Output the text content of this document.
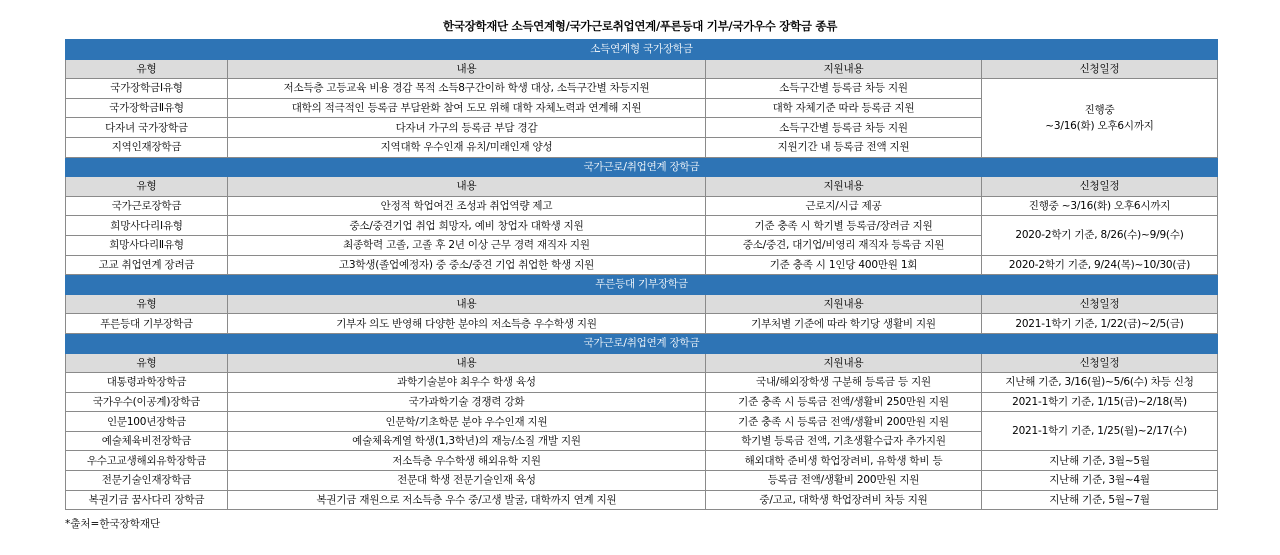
한국장학재단 소득연계형/국가근로취업연계/푸른등대 기부/국가우수 장학금 종류
소득연계형 국가장학금			
유형	내용	지원내용	신청일정
국가장학금Ⅰ유형	저소득층 고등교육 비용 경감 목적 소득8구간이하 학생 대상, 소득구간별 차등지원	소득구간별 등록금 차등 지원	진행중
~3/16(화) 오후6시까지

국가장학금Ⅱ유형	대학의 적극적인 등록금 부담완화 참여 도모 위해 대학 자체노력과 연계해 지원	대학 자체기준 따라 등록금 지원	
다자녀 국가장학금	다자녀 가구의 등록금 부담 경감	소득구간별 등록금 차등 지원	
지역인재장학금	지역대학 우수인재 유치/미래인재 양성	지원기간 내 등록금 전액 지원	
국가근로/취업연계 장학금			
유형	내용	지원내용	신청일정
국가근로장학금	안정적 학업여건 조성과 취업역량 제고	근로지/시급 제공	진행중 ~3/16(화) 오후6시까지
희망사다리Ⅰ유형	중소/중견기업 취업 희망자, 예비 창업자 대학생 지원	기준 충족 시 학기별 등록금/장려금 지원	2020-2학기 기준, 8/26(수)~9/9(수)
희망사다리Ⅱ유형	최종학력 고졸, 고졸 후 2년 이상 근무 경력 재직자 지원	중소/중견, 대기업/비영리 재직자 등록금 지원	
고교 취업연계 장려금	고3학생(졸업예정자) 중 중소/중견 기업 취업한 학생 지원	기준 충족 시 1인당 400만원 1회	2020-2학기 기준, 9/24(목)~10/30(금)
푸른등대 기부장학금			
유형	내용	지원내용	신청일정
푸른등대 기부장학금	기부자 의도 반영해 다양한 분야의 저소득층 우수학생 지원	기부처별 기준에 따라 학기당 생활비 지원	2021-1학기 기준, 1/22(금)~2/5(금)
국가근로/취업연계 장학금			
유형	내용	지원내용	신청일정
대통령과학장학금	과학기술분야 최우수 학생 육성	국내/해외장학생 구분해 등록금 등 지원	지난해 기준, 3/16(월)~5/6(수) 차등 신청
국가우수(이공계)장학금	국가과학기술 경쟁력 강화	기준 충족 시 등록금 전액/생활비 250만원 지원	2021-1학기 기준, 1/15(금)~2/18(목)
인문100년장학금	인문학/기초학문 분야 우수인재 지원	기준 충족 시 등록금 전액/생활비 200만원 지원	2021-1학기 기준, 1/25(월)~2/17(수)
예술체육비전장학금	예술체육계열 학생(1,3학년)의 재능/소질 개발 지원	학기별 등록금 전액, 기초생활수급자 추가지원	
우수고교생해외유학장학금	저소득층 우수학생 해외유학 지원	해외대학 준비생 학업장려비, 유학생 학비 등	지난해 기준, 3월~5월
전문기술인재장학금	전문대 학생 전문기술인재 육성	등록금 전액/생활비 200만원 지원	지난해 기준, 3월~4월
복권기금 꿈사다리 장학금	복권기금 재원으로 저소득층 우수 중/고생 발굴, 대학까지 연계 지원	중/고교, 대학생 학업장려비 차등 지원	지난해 기준, 5월~7월
*출처=한국장학재단
